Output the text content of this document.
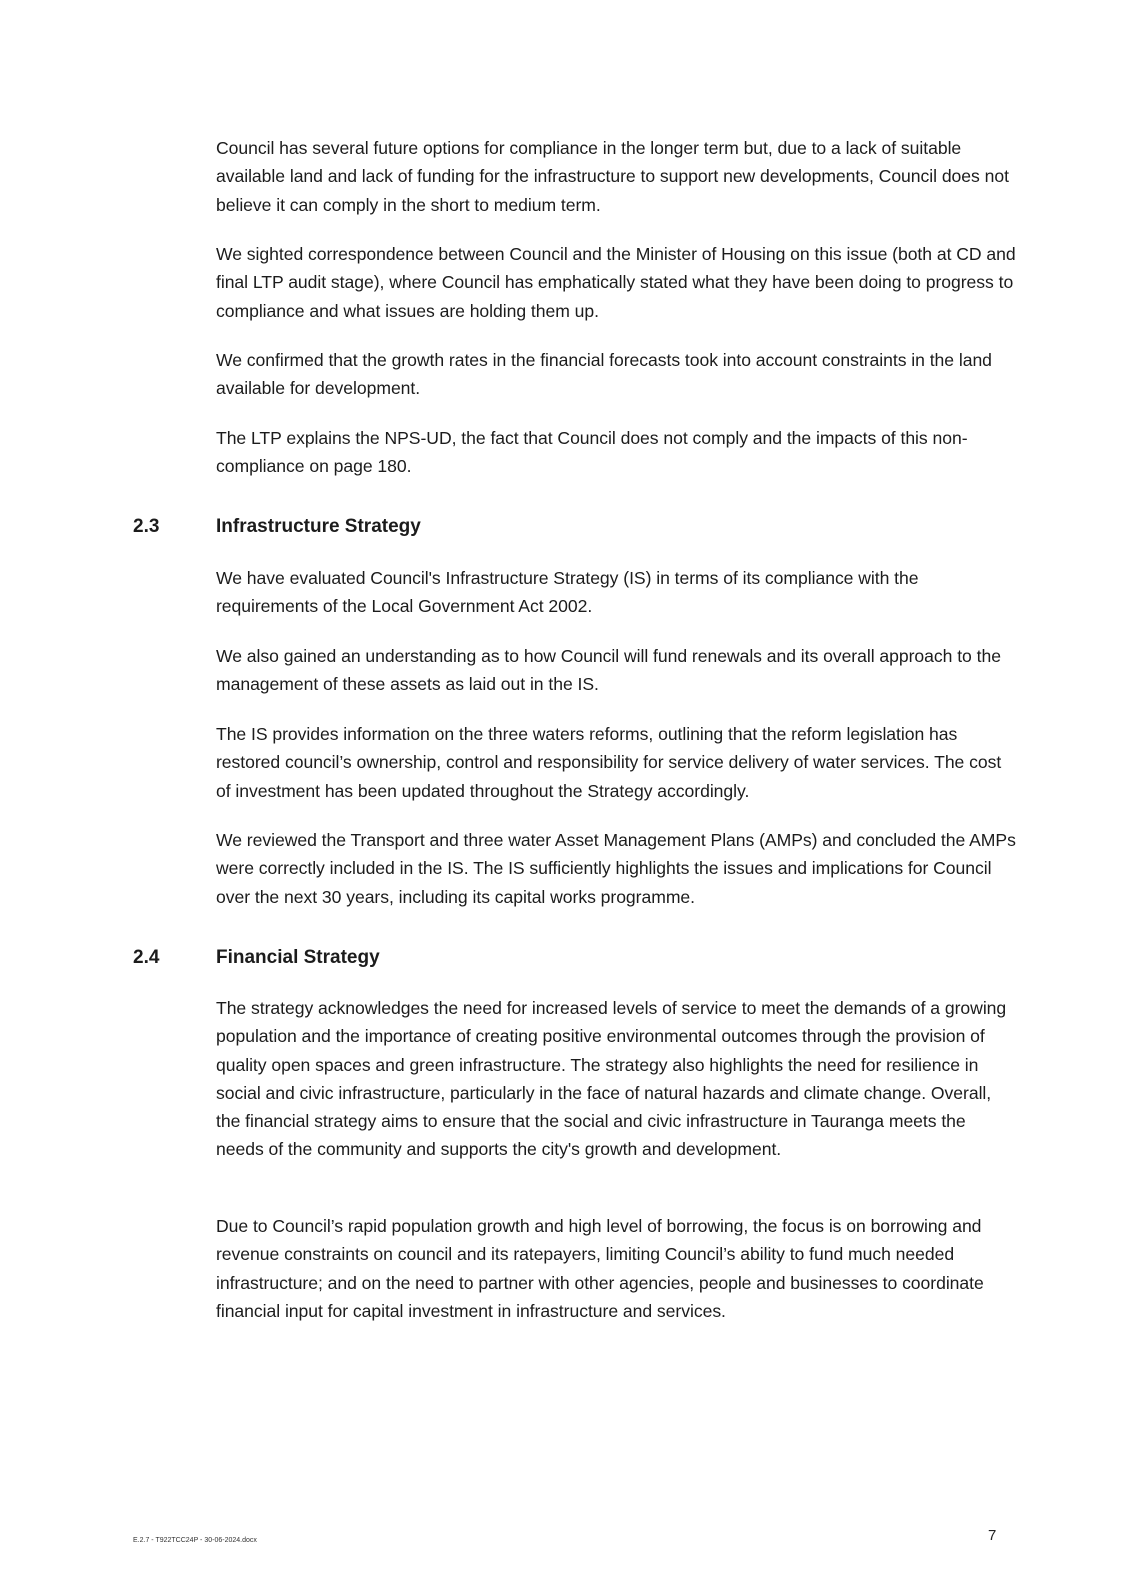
Council has several future options for compliance in the longer term but, due to a lack of suitable available land and lack of funding for the infrastructure to support new developments, Council does not believe it can comply in the short to medium term.

We sighted correspondence between Council and the Minister of Housing on this issue (both at CD and final LTP audit stage), where Council has emphatically stated what they have been doing to progress to compliance and what issues are holding them up.

We confirmed that the growth rates in the financial forecasts took into account constraints in the land available for development.

The LTP explains the NPS-UD, the fact that Council does not comply and the impacts of this non-compliance on page 180.

2.3	Infrastructure Strategy

We have evaluated Council's Infrastructure Strategy (IS) in terms of its compliance with the requirements of the Local Government Act 2002.

We also gained an understanding as to how Council will fund renewals and its overall approach to the management of these assets as laid out in the IS.

The IS provides information on the three waters reforms, outlining that the reform legislation has restored council’s ownership, control and responsibility for service delivery of water services. The cost of investment has been updated throughout the Strategy accordingly.

We reviewed the Transport and three water Asset Management Plans (AMPs) and concluded the AMPs were correctly included in the IS. The IS sufficiently highlights the issues and implications for Council over the next 30 years, including its capital works programme.

2.4	Financial Strategy

The strategy acknowledges the need for increased levels of service to meet the demands of a growing population and the importance of creating positive environmental outcomes through the provision of quality open spaces and green infrastructure. The strategy also highlights the need for resilience in social and civic infrastructure, particularly in the face of natural hazards and climate change. Overall, the financial strategy aims to ensure that the social and civic infrastructure in Tauranga meets the needs of the community and supports the city's growth and development.

Due to Council’s rapid population growth and high level of borrowing, the focus is on borrowing and revenue constraints on council and its ratepayers, limiting Council’s ability to fund much needed infrastructure; and on the need to partner with other agencies, people and businesses to coordinate financial input for capital investment in infrastructure and services.

E.2.7 - T922TCC24P - 30-06-2024.docx	7
